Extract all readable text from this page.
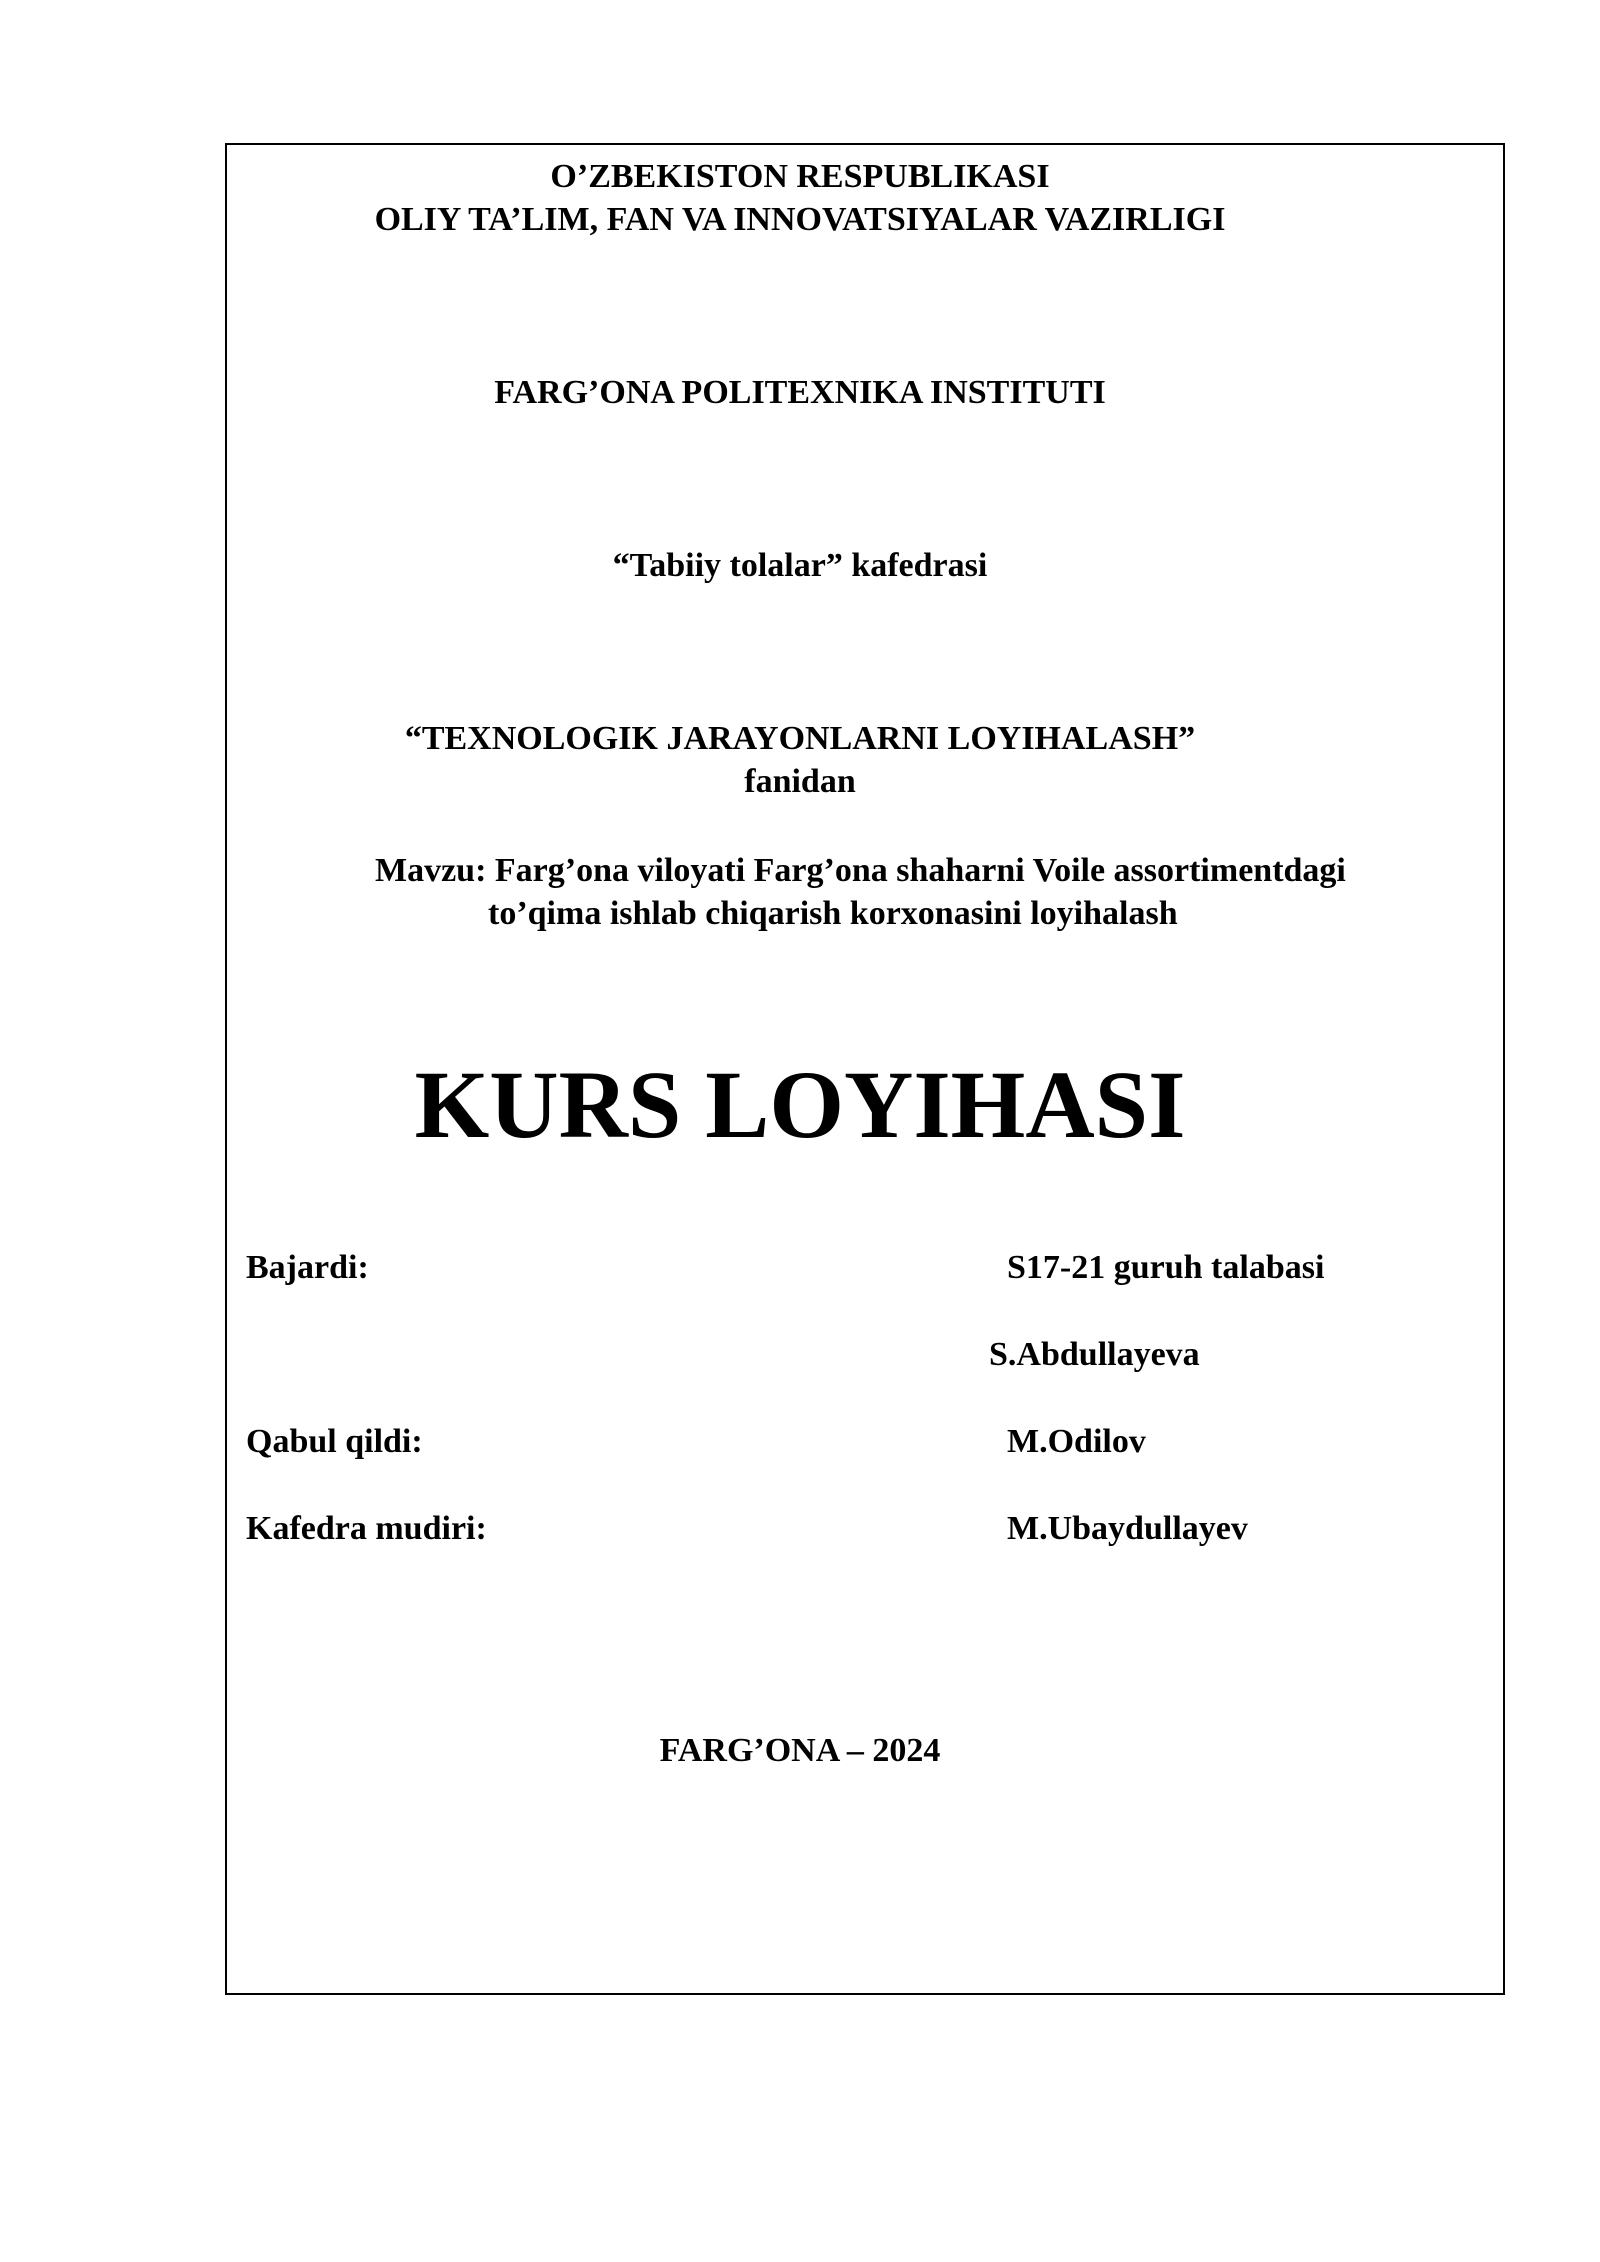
O’ZBEKISTON RESPUBLIKASI
OLIY TA’LIM, FAN VA INNOVATSIYALAR VAZIRLIGI
FARG’ONA POLITEXNIKA INSTITUTI
“Tabiiy tolalar” kafedrasi
“TEXNOLOGIK JARAYONLARNI LOYIHALASH”
fanidan
Mavzu: Farg’ona viloyati Farg’ona shaharni Voile assortimentdagi
to’qima ishlab chiqarish korxonasini loyihalash
KURS LOYIHASI
Bajardi:	S17-21 guruh talabasi
S.Abdullayeva
Qabul qildi:	M.Odilov
Kafedra mudiri:	M.Ubaydullayev
FARG’ONA – 2024
